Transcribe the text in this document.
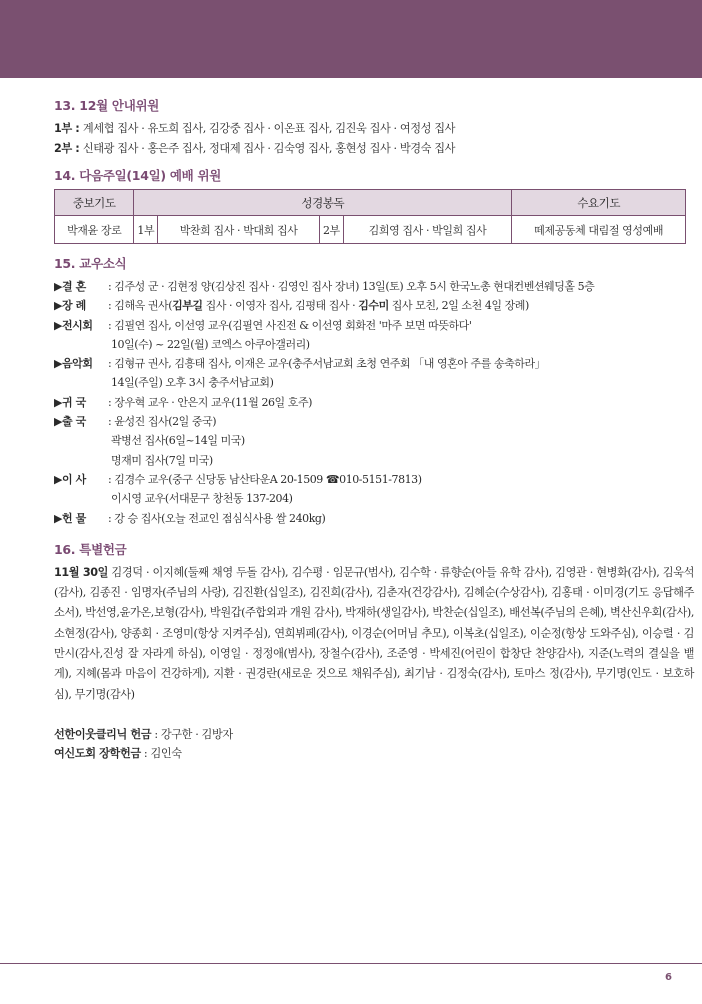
13. 12월 안내위원
1부 : 계세협 집사 · 유도희 집사, 김강중 집사 · 이온표 집사, 김진욱 집사 · 여정성 집사
2부 : 신태광 집사 · 홍은주 집사, 정대제 집사 · 김숙영 집사, 홍현성 집사 · 박경숙 집사
14. 다음주일(14일) 예배 위원
중보기도	성경봉독				수요기도
박재윤 장로	1부	박찬희 집사 · 박대희 집사	2부	김희영 집사 · 박일희 집사	떼제공동체 대림절 영성예배
15. 교우소식
▶결 혼	: 김주성 군 · 김현정 양(김상진 집사 · 김영인 집사 장녀) 13일(토) 오후 5시 한국노총 현대컨벤션웨딩홀 5층
▶장 례	: 김해옥 권사(김부길 집사 · 이영자 집사, 김평태 집사 · 김수미 집사 모친, 2일 소천 4일 장례)
▶전시회	: 김필연 집사, 이선영 교우(김필연 사진전 & 이선영 회화전 '마주 보면 따뜻하다'
10일(수) ~ 22일(월) 코엑스 아쿠아갤러리)
▶음악회	: 김형규 권사, 김흥태 집사, 이재은 교우(충주서남교회 초청 연주회 「내 영혼아 주를 송축하라」
14일(주일) 오후 3시 충주서남교회)
▶귀 국	: 장우혁 교우 · 안은지 교우(11월 26일 호주)
▶출 국	: 윤성진 집사(2일 중국)
곽병선 집사(6일~14일 미국)
명재미 집사(7일 미국)
▶이 사	: 김경수 교우(중구 신당동 남산타운A 20-1509 ☎010-5151-7813)
이시영 교우(서대문구 창천동 137-204)
▶헌 물	: 강 승 집사(오늘 전교인 점심식사용 쌀 240kg)
16. 특별헌금
11월 30일 김경덕 · 이지혜(둘째 채영 두돌 감사), 김수평 · 임문규(범사), 김수학 · 류향순(아들 유학 감사), 김영관 · 현병화(감사), 김욱석(감사), 김종진 · 임명자(주님의 사랑), 김진환(십일조), 김진희(감사), 김춘자(건강감사), 김혜순(수상감사), 김홍태 · 이미경(기도 응답해주소서), 박선영,윤가온,보형(감사), 박원갑(주합외과 개원 감사), 박재하(생일감사), 박찬순(십일조), 배선복(주님의 은혜), 벽산신우회(감사), 소현정(감사), 양종회 · 조영미(항상 지켜주심), 연희뷔페(감사), 이경순(어머님 추모), 이복초(십일조), 이순정(항상 도와주심), 이승렬 · 김만시(감사,진성 잘 자라게 하심), 이영일 · 정정애(범사), 장철수(감사), 조준영 · 박세진(어린이 합창단 찬양감사), 지준(노력의 결실을 뱉게), 지혜(몸과 마음이 건강하게), 지환 · 권경란(새로운 것으로 채워주심), 최기남 · 김정숙(감사), 토마스 정(감사), 무기명(인도 · 보호하심), 무기명(감사)
선한이웃클리닉 헌금 : 강구한 · 김방자
여신도회 장학헌금 : 김인숙
6
